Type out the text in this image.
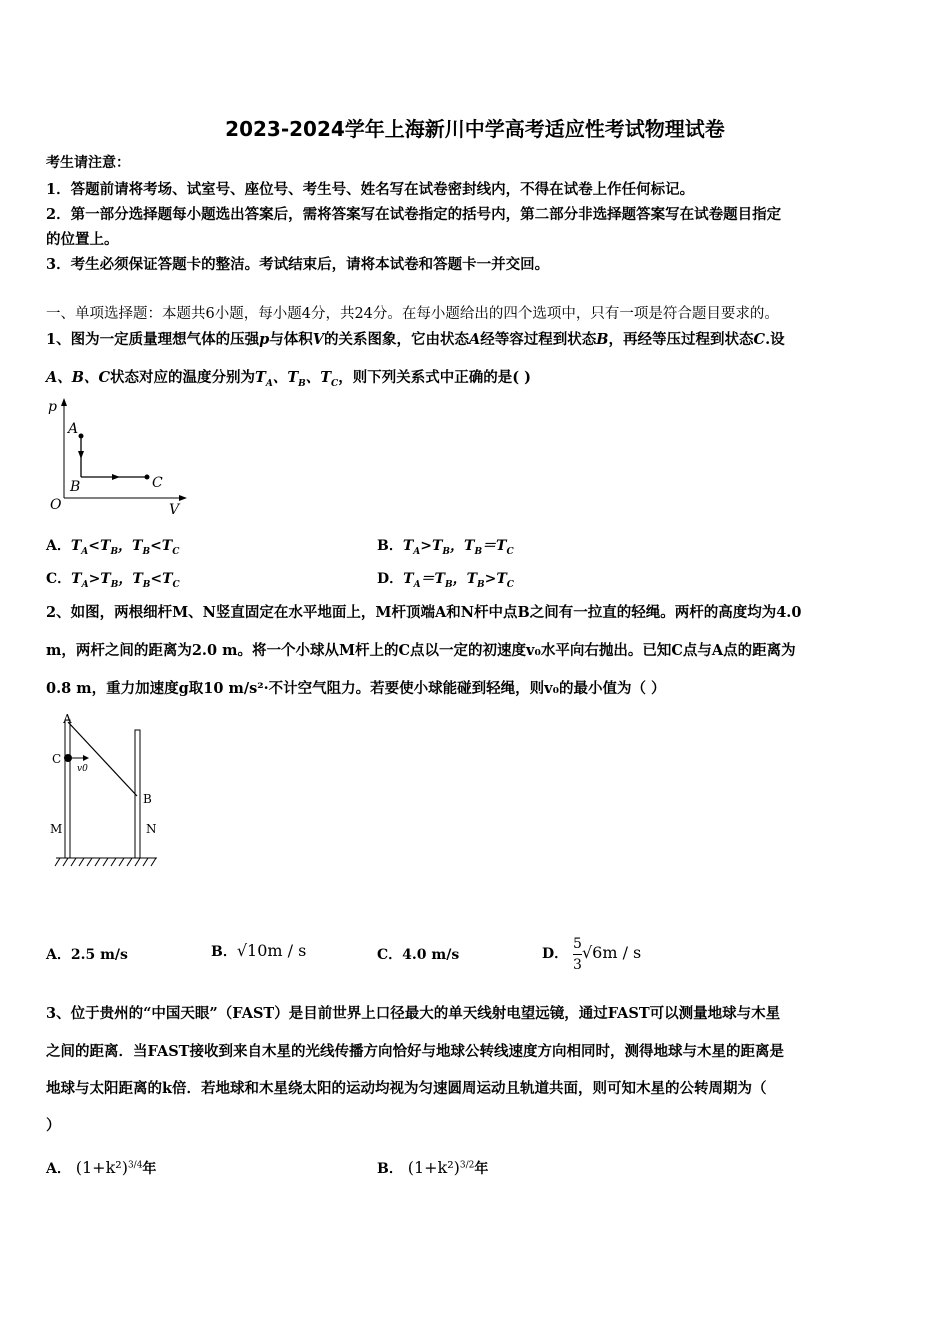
2023-2024学年上海新川中学高考适应性考试物理试卷
考生请注意：
1．答题前请将考场、试室号、座位号、考生号、姓名写在试卷密封线内，不得在试卷上作任何标记。
2．第一部分选择题每小题选出答案后，需将答案写在试卷指定的括号内，第二部分非选择题答案写在试卷题目指定
的位置上。
3．考生必须保证答题卡的整洁。考试结束后，请将本试卷和答题卡一并交回。
一、单项选择题：本题共6小题，每小题4分，共24分。在每小题给出的四个选项中，只有一项是符合题目要求的。
1、图为一定质量理想气体的压强p与体积V的关系图象，它由状态A经等容过程到状态B，再经等压过程到状态C.设
A、B、C状态对应的温度分别为$T_A$、$T_B$、$T_C$，则下列关系式中正确的是( )
p
A
B	C
O	V
A．$T_A<T_B$，$T_B<T_C$	B．$T_A>T_B$，$T_B=T_C$
C．$T_A>T_B$，$T_B<T_C$	D．$T_A=T_B$，$T_B>T_C$
2、如图，两根细杆M、N竖直固定在水平地面上，M杆顶端A和N杆中点B之间有一拉直的轻绳。两杆的高度均为4.0
m，两杆之间的距离为2.0 m。将一个小球从M杆上的C点以一定的初速度v₀水平向右抛出。已知C点与A点的距离为
0.8 m，重力加速度g取10 m/s²·不计空气阻力。若要使小球能碰到轻绳，则v₀的最小值为（ ）
A
C
v0
B
M	N
A．2.5 m/s	B．√10m / s	C．4.0 m/s	D． $\frac{5}{3} √6m$ / s
3、位于贵州的“中国天眼”（FAST）是目前世界上口径最大的单天线射电望远镜，通过FAST可以测量地球与木星
之间的距离．当FAST接收到来自木星的光线传播方向恰好与地球公转线速度方向相同时，测得地球与木星的距离是
地球与太阳距离的k倍．若地球和木星绕太阳的运动均视为匀速圆周运动且轨道共面，则可知木星的公转周期为（
）
A． $(1+k^2)^{3/4}$年	B． $(1+k^2)^{3/2}$年
